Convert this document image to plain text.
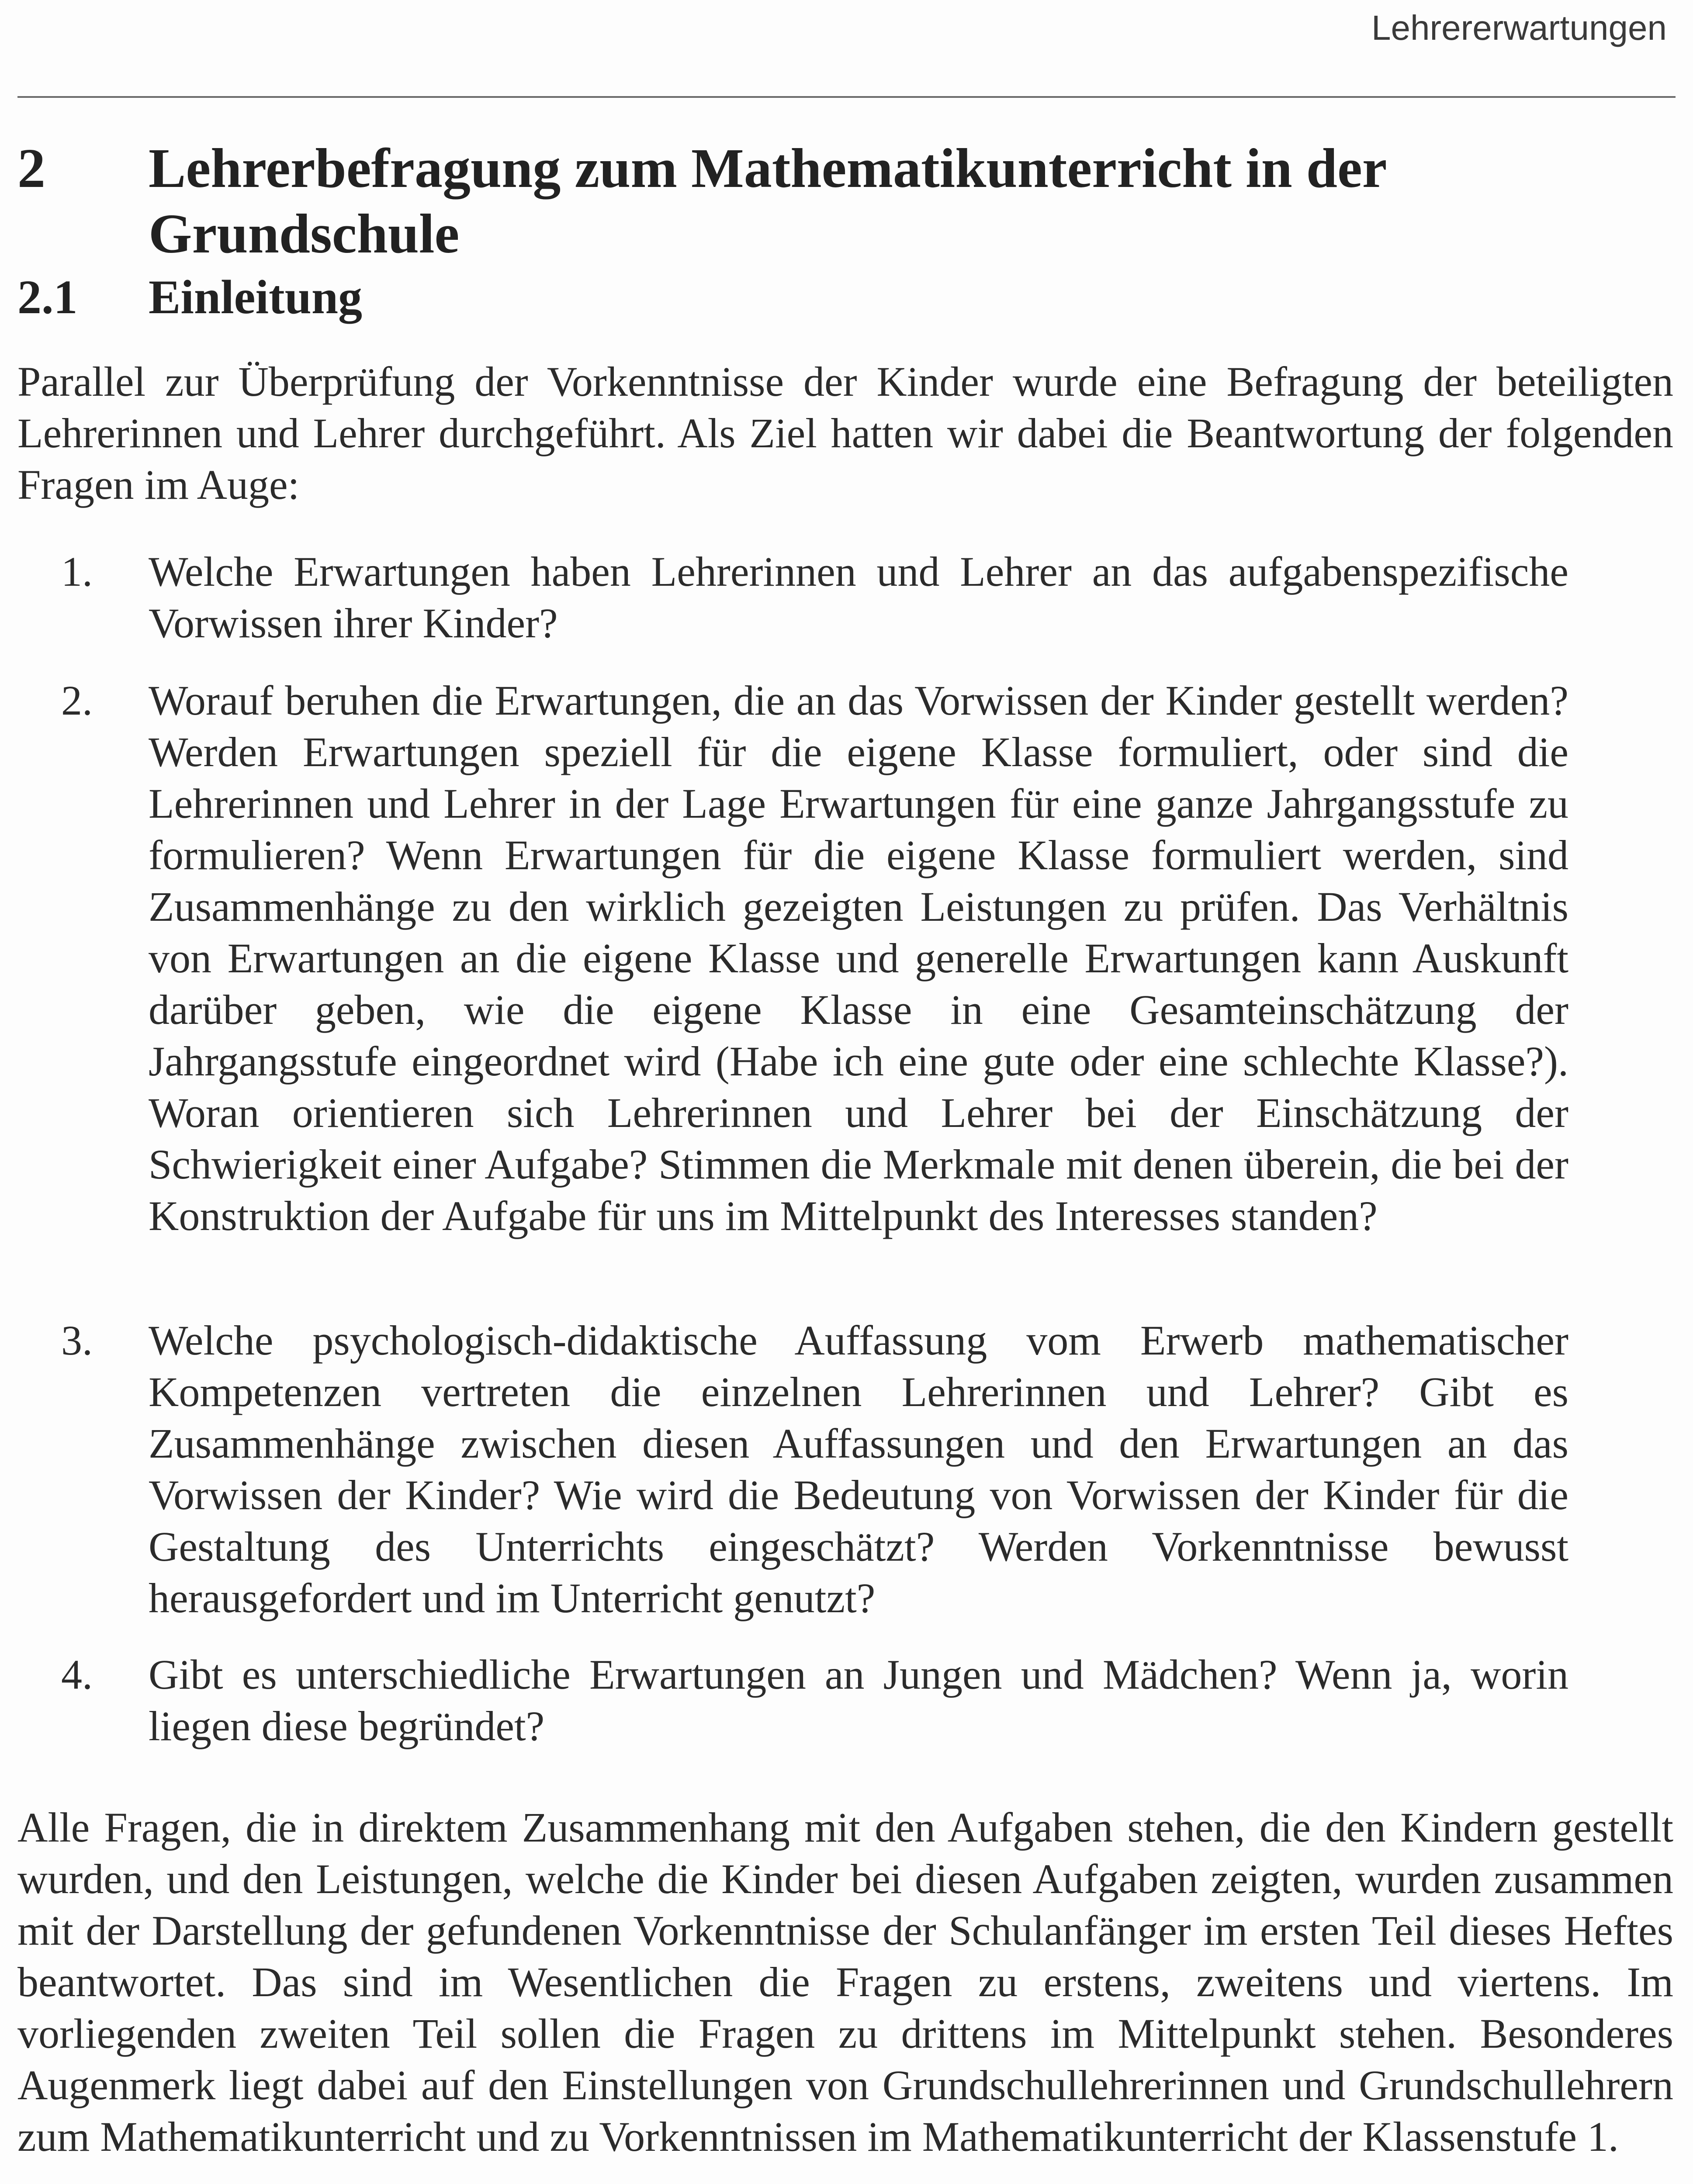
Lehrererwartungen
2 Lehrerbefragung zum Mathematikunterricht in der Grundschule
2.1 Einleitung

Parallel zur Überprüfung der Vorkenntnisse der Kinder wurde eine Befragung der beteiligten Lehrerinnen und Lehrer durchgeführt. Als Ziel hatten wir dabei die Beantwortung der folgenden Fragen im Auge:

1. Welche Erwartungen haben Lehrerinnen und Lehrer an das aufgabenspezifische Vorwissen ihrer Kinder?
2. Worauf beruhen die Erwartungen, die an das Vorwissen der Kinder gestellt werden? Werden Erwartungen speziell für die eigene Klasse formuliert, oder sind die Lehrerinnen und Lehrer in der Lage Erwartungen für eine ganze Jahrgangsstufe zu formulieren? Wenn Erwartungen für die eigene Klasse formuliert werden, sind Zusammenhänge zu den wirklich gezeigten Leistungen zu prüfen. Das Verhältnis von Erwartungen an die eigene Klasse und generelle Erwartungen kann Auskunft darüber geben, wie die eigene Klasse in eine Gesamteinschätzung der Jahrgangsstufe eingeordnet wird (Habe ich eine gute oder eine schlechte Klasse?). Woran orientieren sich Lehrerinnen und Lehrer bei der Einschätzung der Schwierigkeit einer Aufgabe? Stimmen die Merkmale mit denen überein, die bei der Konstruktion der Aufgabe für uns im Mittelpunkt des Interesses standen?
3. Welche psychologisch-didaktische Auffassung vom Erwerb mathematischer Kompetenzen vertreten die einzelnen Lehrerinnen und Lehrer? Gibt es Zusammenhänge zwischen diesen Auffassungen und den Erwartungen an das Vorwissen der Kinder? Wie wird die Bedeutung von Vorwissen der Kinder für die Gestaltung des Unterrichts eingeschätzt? Werden Vorkenntnisse bewusst herausgefordert und im Unterricht genutzt?
4. Gibt es unterschiedliche Erwartungen an Jungen und Mädchen? Wenn ja, worin liegen diese begründet?

Alle Fragen, die in direktem Zusammenhang mit den Aufgaben stehen, die den Kindern gestellt wurden, und den Leistungen, welche die Kinder bei diesen Aufgaben zeigten, wurden zusammen mit der Darstellung der gefundenen Vorkenntnisse der Schulanfänger im ersten Teil dieses Heftes beantwortet. Das sind im Wesentlichen die Fragen zu erstens, zweitens und viertens. Im vorliegenden zweiten Teil sollen die Fragen zu drittens im Mittelpunkt stehen. Besonderes Augenmerk liegt dabei auf den Einstellungen von Grundschullehrerinnen und Grundschullehrern zum Mathematikunterricht und zu Vorkenntnissen im Mathematikunterricht der Klassenstufe 1.
